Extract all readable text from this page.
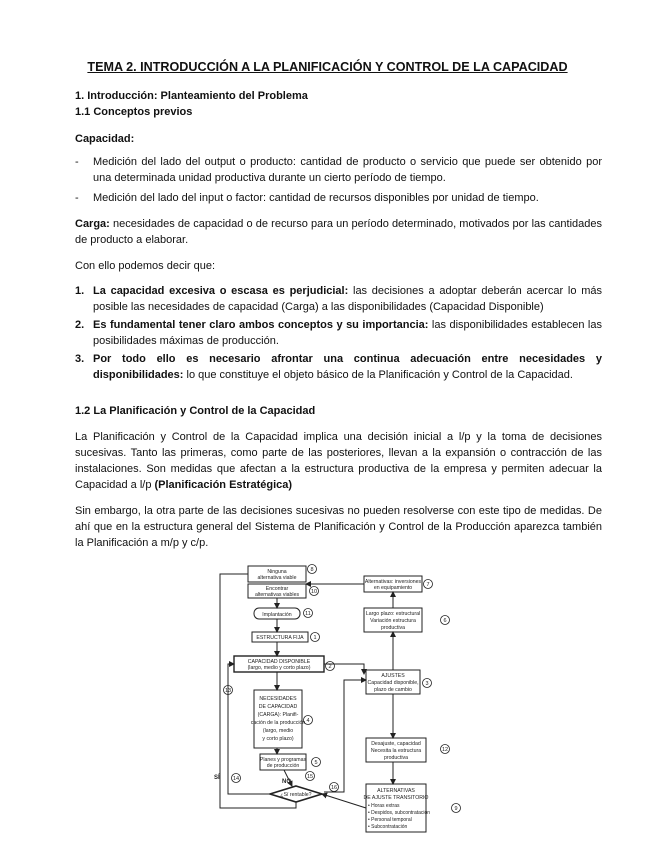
TEMA 2. INTRODUCCIÓN A LA PLANIFICACIÓN Y CONTROL DE LA CAPACIDAD
1. Introducción: Planteamiento del Problema
1.1 Conceptos previos
Capacidad:
- Medición del lado del output o producto: cantidad de producto o servicio que puede ser obtenido por una determinada unidad productiva durante un cierto período de tiempo.
- Medición del lado del input o factor: cantidad de recursos disponibles por unidad de tiempo.
Carga: necesidades de capacidad o de recurso para un período determinado, motivados por las cantidades de producto a elaborar.
Con ello podemos decir que:
1. La capacidad excesiva o escasa es perjudicial: las decisiones a adoptar deberán acercar lo más posible las necesidades de capacidad (Carga) a las disponibilidades (Capacidad Disponible)
2. Es fundamental tener claro ambos conceptos y su importancia: las disponibilidades establecen las posibilidades máximas de producción.
3. Por todo ello es necesario afrontar una continua adecuación entre necesidades y disponibilidades: lo que constituye el objeto básico de la Planificación y Control de la Capacidad.
1.2 La Planificación y Control de la Capacidad
La Planificación y Control de la Capacidad implica una decisión inicial a l/p y la toma de decisiones sucesivas. Tanto las primeras, como parte de las posteriores, llevan a la expansión o contracción de las instalaciones. Son medidas que afectan a la estructura productiva de la empresa y permiten adecuar la Capacidad a l/p (Planificación Estratégica)
Sin embargo, la otra parte de las decisiones sucesivas no pueden resolverse con este tipo de medidas. De ahí que en la estructura general del Sistema de Planificación y Control de la Producción aparezca también la Planificación a m/p y c/p.
Ninguna
alternativa viable
Encontrar
alternativas viables
Implantación
ESTRUCTURA FIJA
CAPACIDAD DISPONIBLE
(largo, medio y corto plazo)
NECESIDADES
DE CAPACIDAD
(CARGA): Planifi-
cación de la producción
(largo, medio
y corto plazo)
Planes y programas
de producción
¿Sí rentable?
Alternativas: inversiones
en equipamiento
Largo plazo: estructural
Variación estructura
productiva
AJUSTES
Capacidad disponible,
plazo de cambio
Desajuste, capacidad
Necesita la estructura
productiva
ALTERNATIVAS
DE AJUSTE TRANSITORIO
• Horas extras
• Despidos, subcontratación
• Personal temporal
• Subcontratación
SÍ
NO
1
2
3
4
6
7
8
10
11
5
12
9
13
14	15
16
